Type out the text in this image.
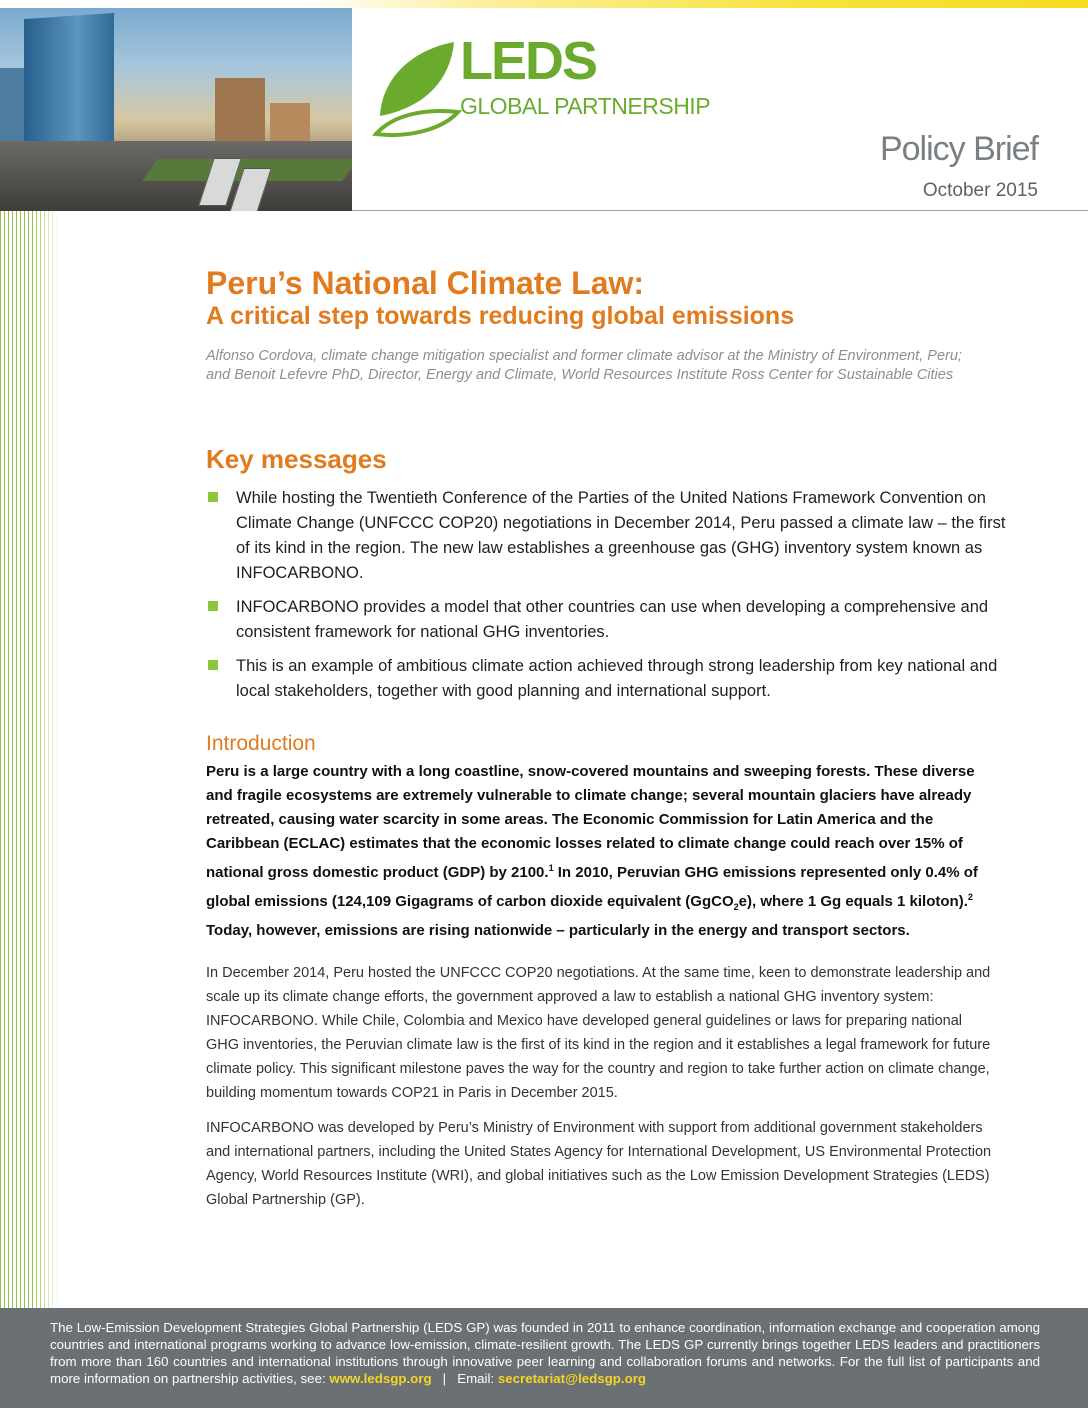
LEDS
GLOBAL PARTNERSHIP
Policy Brief
October 2015
Peru’s National Climate Law:
A critical step towards reducing global emissions
Alfonso Cordova, climate change mitigation specialist and former climate advisor at the Ministry of Environment, Peru; and Benoit Lefevre PhD, Director, Energy and Climate, World Resources Institute Ross Center for Sustainable Cities
Key messages
While hosting the Twentieth Conference of the Parties of the United Nations Framework Convention on Climate Change (UNFCCC COP20) negotiations in December 2014, Peru passed a climate law – the first of its kind in the region. The new law establishes a greenhouse gas (GHG) inventory system known as INFOCARBONO.
INFOCARBONO provides a model that other countries can use when developing a comprehensive and consistent framework for national GHG inventories.
This is an example of ambitious climate action achieved through strong leadership from key national and local stakeholders, together with good planning and international support.
Introduction
Peru is a large country with a long coastline, snow-covered mountains and sweeping forests. These diverse and fragile ecosystems are extremely vulnerable to climate change; several mountain glaciers have already retreated, causing water scarcity in some areas. The Economic Commission for Latin America and the Caribbean (ECLAC) estimates that the economic losses related to climate change could reach over 15% of national gross domestic product (GDP) by 2100.$^1$ In 2010, Peruvian GHG emissions represented only 0.4% of global emissions (124,109 Gigagrams of carbon dioxide equivalent (GgCO$_2$e), where 1 Gg equals 1 kiloton).$^2$ Today, however, emissions are rising nationwide – particularly in the energy and transport sectors.
In December 2014, Peru hosted the UNFCCC COP20 negotiations. At the same time, keen to demonstrate leadership and scale up its climate change efforts, the government approved a law to establish a national GHG inventory system: INFOCARBONO. While Chile, Colombia and Mexico have developed general guidelines or laws for preparing national GHG inventories, the Peruvian climate law is the first of its kind in the region and it establishes a legal framework for future climate policy. This significant milestone paves the way for the country and region to take further action on climate change, building momentum towards COP21 in Paris in December 2015.
INFOCARBONO was developed by Peru’s Ministry of Environment with support from additional government stakeholders and international partners, including the United States Agency for International Development, US Environmental Protection Agency, World Resources Institute (WRI), and global initiatives such as the Low Emission Development Strategies (LEDS) Global Partnership (GP).
The Low-Emission Development Strategies Global Partnership (LEDS GP) was founded in 2011 to enhance coordination, information exchange and cooperation among countries and international programs working to advance low-emission, climate-resilient growth. The LEDS GP currently brings together LEDS leaders and practitioners from more than 160 countries and international institutions through innovative peer learning and collaboration forums and networks. For the full list of participants and more information on partnership activities, see: www.ledsgp.org   |   Email: secretariat@ledsgp.org
